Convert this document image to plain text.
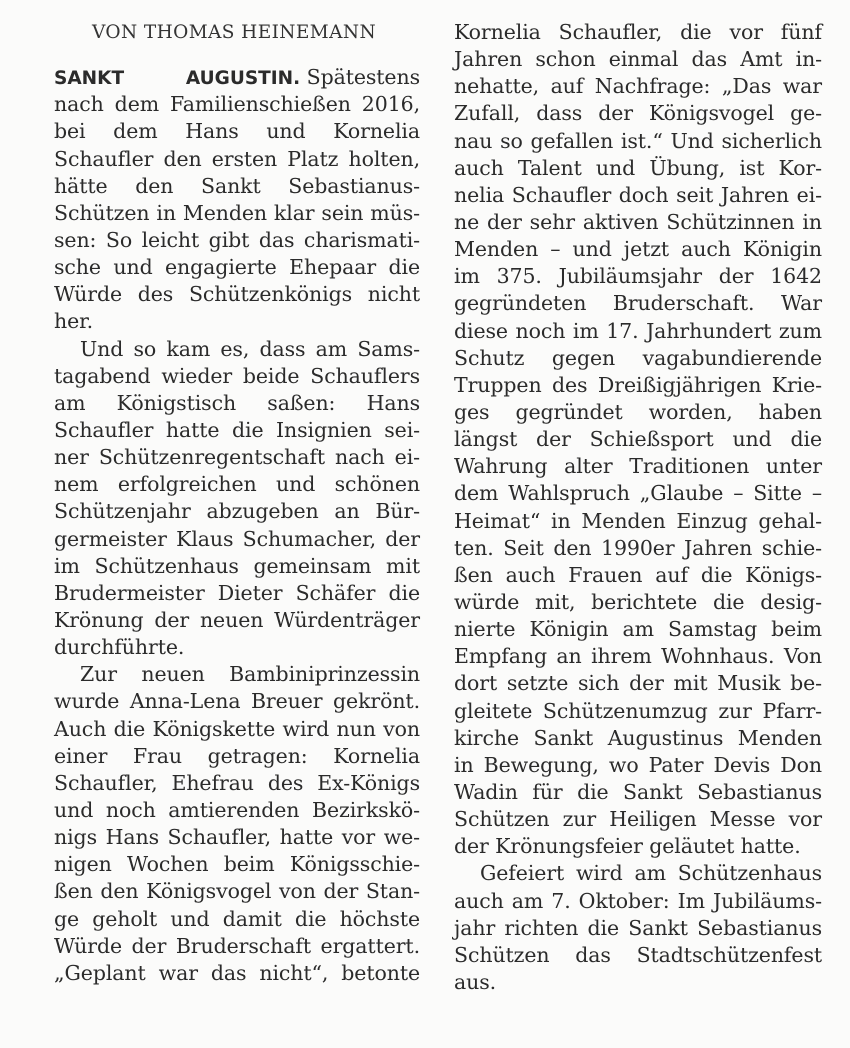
VON THOMAS HEINEMANN
SANKT	AUGUSTIN. Spätestens
nach dem Familienschießen 2016,
bei dem Hans und Kornelia
Schaufler den ersten Platz holten,
hätte den Sankt Sebastianus-
Schützen in Menden klar sein müs-
sen: So leicht gibt das charismati-
sche und engagierte Ehepaar die
Würde des Schützenkönigs nicht
her.
Und so kam es, dass am Sams-
tagabend wieder beide Schauflers
am Königstisch saßen: Hans
Schaufler hatte die Insignien sei-
ner Schützenregentschaft nach ei-
nem erfolgreichen und schönen
Schützenjahr abzugeben an Bür-
germeister Klaus Schumacher, der
im Schützenhaus gemeinsam mit
Brudermeister Dieter Schäfer die
Krönung der neuen Würdenträger
durchführte.
Zur neuen Bambiniprinzessin
wurde Anna-Lena Breuer gekrönt.
Auch die Königskette wird nun von
einer Frau getragen: Kornelia
Schaufler, Ehefrau des Ex-Königs
und noch amtierenden Bezirkskö-
nigs Hans Schaufler, hatte vor we-
nigen Wochen beim Königsschie-
ßen den Königsvogel von der Stan-
ge geholt und damit die höchste
Würde der Bruderschaft ergattert.
„Geplant war das nicht“, betonte
Kornelia Schaufler, die vor fünf
Jahren schon einmal das Amt in-
nehatte, auf Nachfrage: „Das war
Zufall, dass der Königsvogel ge-
nau so gefallen ist.“ Und sicherlich
auch Talent und Übung, ist Kor-
nelia Schaufler doch seit Jahren ei-
ne der sehr aktiven Schützinnen in
Menden – und jetzt auch Königin
im 375. Jubiläumsjahr der 1642
gegründeten Bruderschaft. War
diese noch im 17. Jahrhundert zum
Schutz gegen vagabundierende
Truppen des Dreißigjährigen Krie-
ges gegründet worden, haben
längst der Schießsport und die
Wahrung alter Traditionen unter
dem Wahlspruch „Glaube – Sitte –
Heimat“ in Menden Einzug gehal-
ten. Seit den 1990er Jahren schie-
ßen auch Frauen auf die Königs-
würde mit, berichtete die desig-
nierte Königin am Samstag beim
Empfang an ihrem Wohnhaus. Von
dort setzte sich der mit Musik be-
gleitete Schützenumzug zur Pfarr-
kirche Sankt Augustinus Menden
in Bewegung, wo Pater Devis Don
Wadin für die Sankt Sebastianus
Schützen zur Heiligen Messe vor
der Krönungsfeier geläutet hatte.
Gefeiert wird am Schützenhaus
auch am 7. Oktober: Im Jubiläums-
jahr richten die Sankt Sebastianus
Schützen das Stadtschützenfest
aus.
